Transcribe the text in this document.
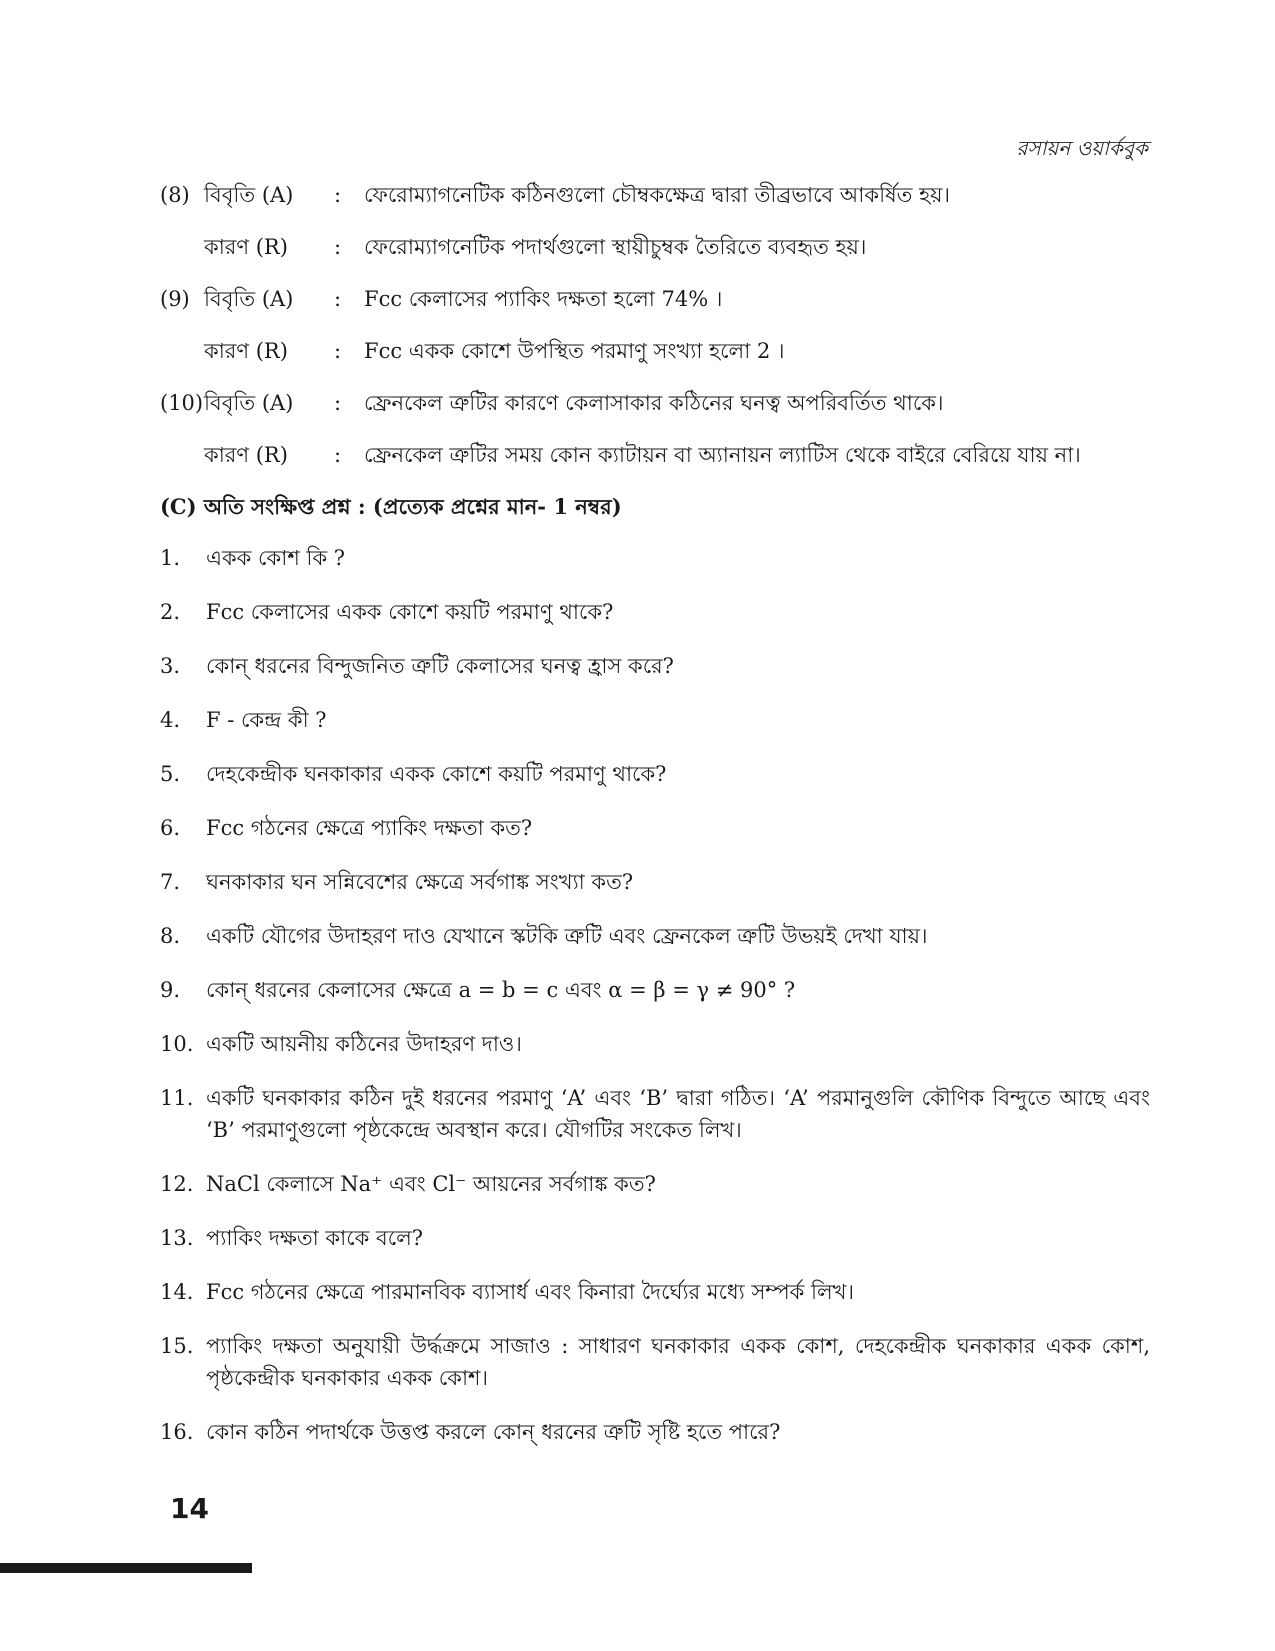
রসায়ন ওয়ার্কবুক
(8) বিবৃতি (A)	:	ফেরোম্যাগনেটিক কঠিনগুলো চৌম্বকক্ষেত্র দ্বারা তীব্রভাবে আকর্ষিত হয়।
কারণ (R)	:	ফেরোম্যাগনেটিক পদার্থগুলো স্থায়ীচুম্বক তৈরিতে ব্যবহৃত হয়।
(9) বিবৃতি (A)	:	Fcc কেলাসের প্যাকিং দক্ষতা হলো 74% ।
কারণ (R)	:	Fcc একক কোশে উপস্থিত পরমাণু সংখ্যা হলো 2 ।
(10) বিবৃতি (A)	:	ফ্রেনকেল ত্রুটির কারণে কেলাসাকার কঠিনের ঘনত্ব অপরিবর্তিত থাকে।
কারণ (R)	:	ফ্রেনকেল ত্রুটির সময় কোন ক্যাটায়ন বা অ্যানায়ন ল্যাটিস থেকে বাইরে বেরিয়ে যায় না।
(C) অতি সংক্ষিপ্ত প্রশ্ন : (প্রত্যেক প্রশ্নের মান- 1 নম্বর)
1.	একক কোশ কি ?
2.	Fcc কেলাসের একক কোশে কয়টি পরমাণু থাকে?
3.	কোন্ ধরনের বিন্দুজনিত ত্রুটি কেলাসের ঘনত্ব হ্রাস করে?
4.	F - কেন্দ্র কী ?
5.	দেহকেন্দ্রীক ঘনকাকার একক কোশে কয়টি পরমাণু থাকে?
6.	Fcc গঠনের ক্ষেত্রে প্যাকিং দক্ষতা কত?
7.	ঘনকাকার ঘন সন্নিবেশের ক্ষেত্রে সর্বগাঙ্ক সংখ্যা কত?
8.	একটি যৌগের উদাহরণ দাও যেখানে স্কটকি ত্রুটি এবং ফ্রেনকেল ত্রুটি উভয়ই দেখা যায়।
9.	কোন্ ধরনের কেলাসের ক্ষেত্রে a = b = c এবং α = β = γ ≠ 90° ?
10. একটি আয়নীয় কঠিনের উদাহরণ দাও।
11. একটি ঘনকাকার কঠিন দুই ধরনের পরমাণু ‘A’ এবং ‘B’ দ্বারা গঠিত। ‘A’ পরমানুগুলি কৌণিক বিন্দুতে আছে এবং ‘B’ পরমাণুগুলো পৃষ্ঠকেন্দ্রে অবস্থান করে। যৌগটির সংকেত লিখ।
12. NaCl কেলাসে Na⁺ এবং Cl⁻ আয়নের সর্বগাঙ্ক কত?
13. প্যাকিং দক্ষতা কাকে বলে?
14. Fcc গঠনের ক্ষেত্রে পারমানবিক ব্যাসার্ধ এবং কিনারা দৈর্ঘ্যের মধ্যে সম্পর্ক লিখ।
15. প্যাকিং দক্ষতা অনুযায়ী উর্দ্ধক্রমে সাজাও : সাধারণ ঘনকাকার একক কোশ, দেহকেন্দ্রীক ঘনকাকার একক কোশ, পৃষ্ঠকেন্দ্রীক ঘনকাকার একক কোশ।
16. কোন কঠিন পদার্থকে উত্তপ্ত করলে কোন্ ধরনের ত্রুটি সৃষ্টি হতে পারে?
14
